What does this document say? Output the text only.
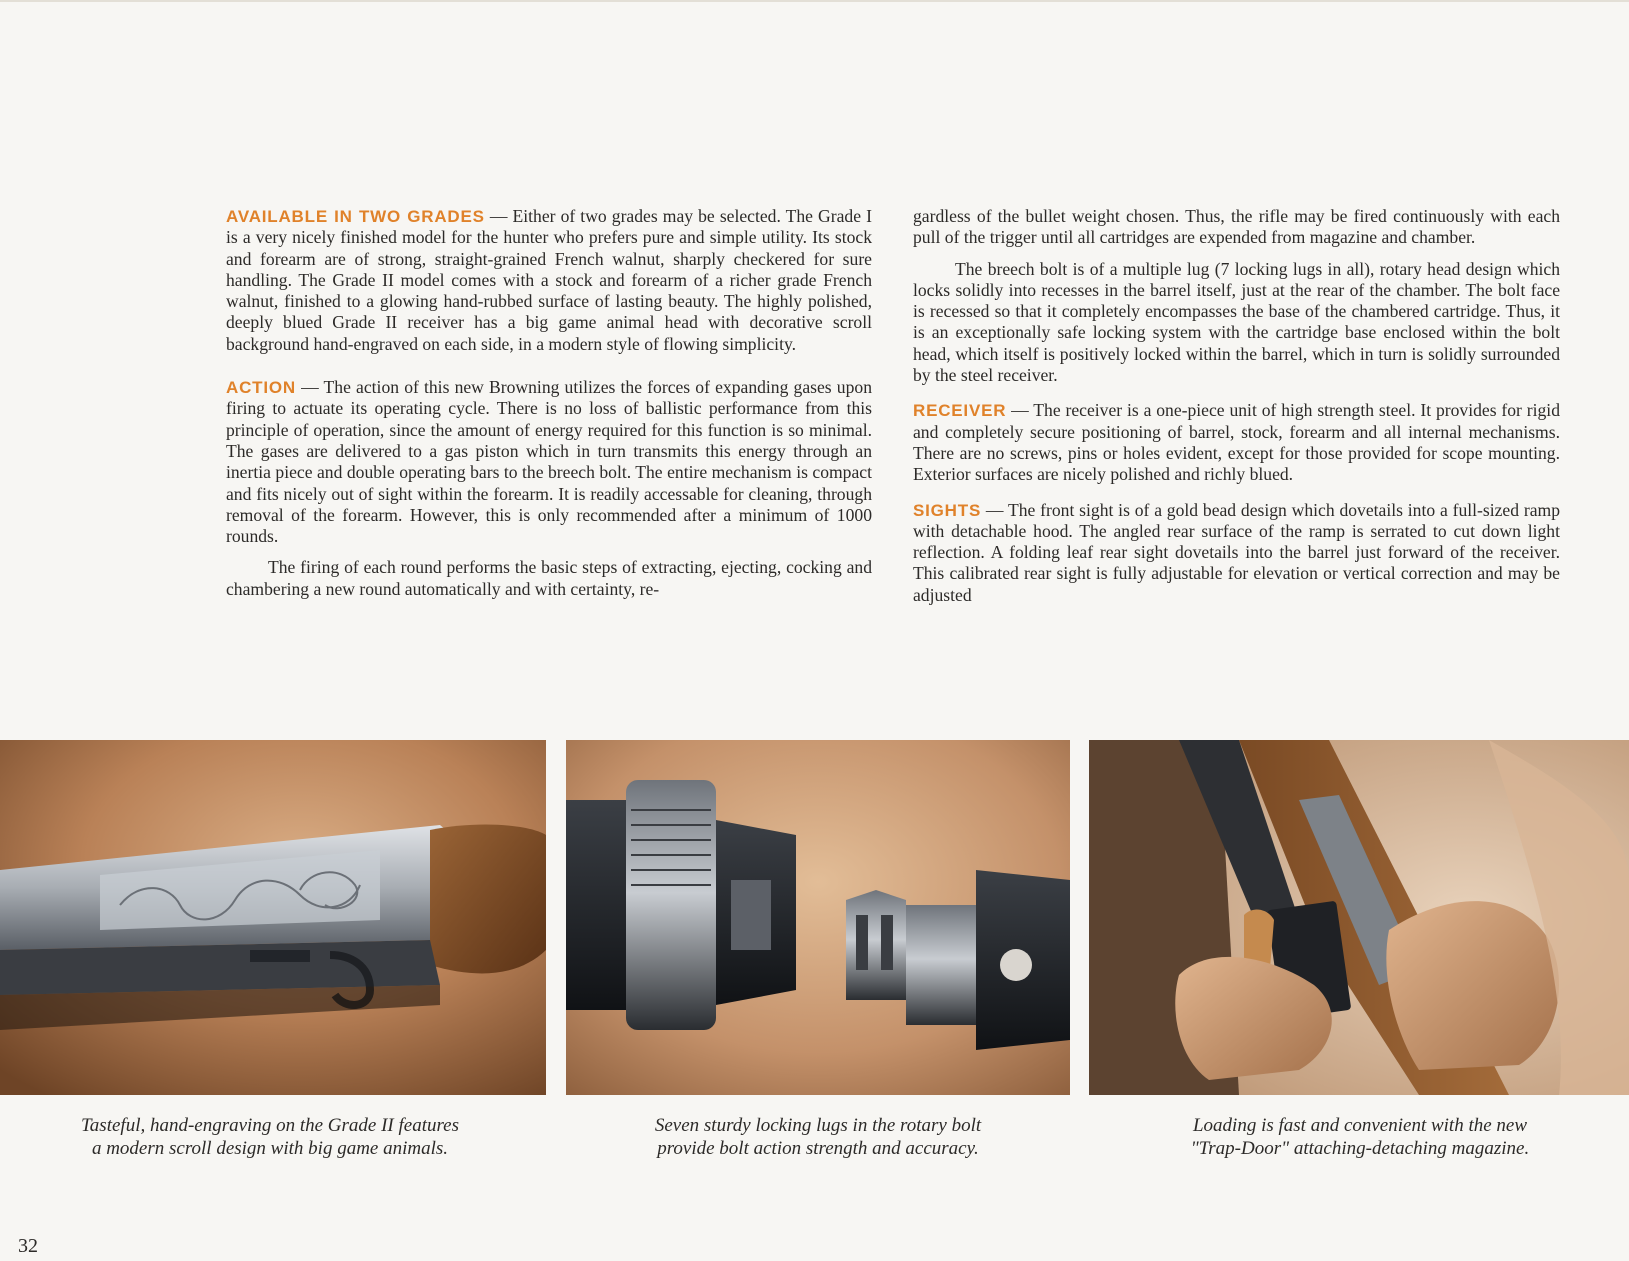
AVAILABLE IN TWO GRADES — Either of two grades may be selected. The Grade I is a very nicely finished model for the hunter who prefers pure and simple utility. Its stock and forearm are of strong, straight-grained French walnut, sharply checkered for sure handling. The Grade II model comes with a stock and forearm of a richer grade French walnut, finished to a glowing hand-rubbed surface of lasting beauty. The highly polished, deeply blued Grade II receiver has a big game animal head with decorative scroll background hand-engraved on each side, in a modern style of flowing simplicity.

ACTION — The action of this new Browning utilizes the forces of expanding gases upon firing to actuate its operating cycle. There is no loss of ballistic performance from this principle of operation, since the amount of energy required for this function is so minimal. The gases are delivered to a gas piston which in turn transmits this energy through an inertia piece and double operating bars to the breech bolt. The entire mechanism is compact and fits nicely out of sight within the forearm. It is readily accessable for cleaning, through removal of the forearm. However, this is only recommended after a minimum of 1000 rounds.

The firing of each round performs the basic steps of extracting, ejecting, cocking and chambering a new round automatically and with certainty, re-

gardless of the bullet weight chosen. Thus, the rifle may be fired continuously with each pull of the trigger until all cartridges are expended from magazine and chamber.

The breech bolt is of a multiple lug (7 locking lugs in all), rotary head design which locks solidly into recesses in the barrel itself, just at the rear of the chamber. The bolt face is recessed so that it completely encompasses the base of the chambered cartridge. Thus, it is an exceptionally safe locking system with the cartridge base enclosed within the bolt head, which itself is positively locked within the barrel, which in turn is solidly surrounded by the steel receiver.

RECEIVER — The receiver is a one-piece unit of high strength steel. It provides for rigid and completely secure positioning of barrel, stock, forearm and all internal mechanisms. There are no screws, pins or holes evident, except for those provided for scope mounting. Exterior surfaces are nicely polished and richly blued.

SIGHTS — The front sight is of a gold bead design which dovetails into a full-sized ramp with detachable hood. The angled rear surface of the ramp is serrated to cut down light reflection. A folding leaf rear sight dovetails into the barrel just forward of the receiver. This calibrated rear sight is fully adjustable for elevation or vertical correction and may be adjusted

Tasteful, hand-engraving on the Grade II features
a modern scroll design with big game animals.
Seven sturdy locking lugs in the rotary bolt
provide bolt action strength and accuracy.
Loading is fast and convenient with the new
"Trap-Door" attaching-detaching magazine.
32
